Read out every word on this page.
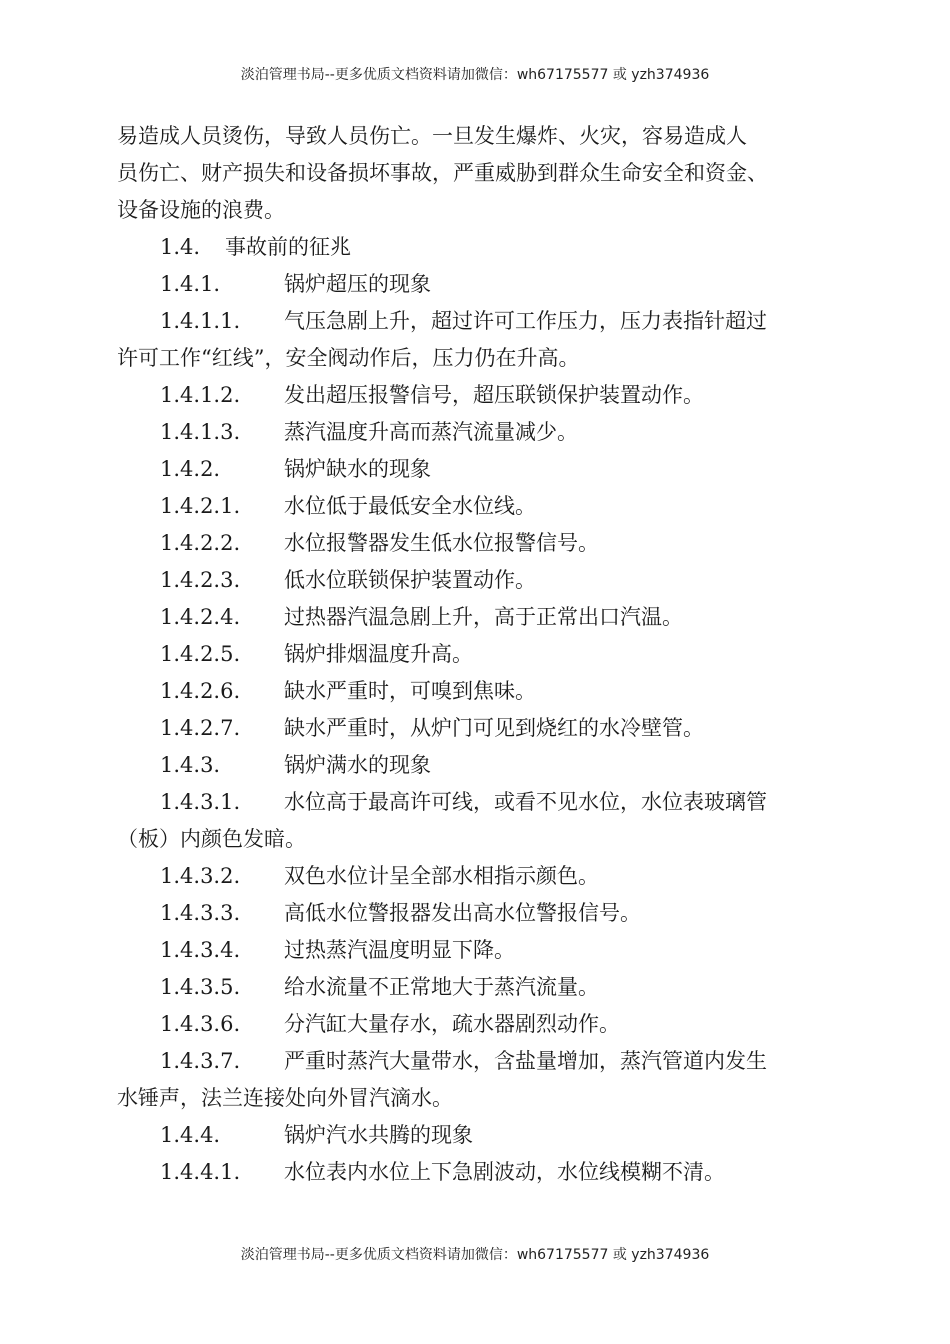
淡泊管理书局--更多优质文档资料请加微信：wh67175577 或 yzh374936
易造成人员烫伤，导致人员伤亡。一旦发生爆炸、火灾，容易造成人
员伤亡、财产损失和设备损坏事故，严重威胁到群众生命安全和资金、
设备设施的浪费。
1.4. 事故前的征兆
1.4.1.	锅炉超压的现象
1.4.1.1. 气压急剧上升，超过许可工作压力，压力表指针超过
许可工作“红线”，安全阀动作后，压力仍在升高。
1.4.1.2. 发出超压报警信号，超压联锁保护装置动作。
1.4.1.3. 蒸汽温度升高而蒸汽流量减少。
1.4.2.	锅炉缺水的现象
1.4.2.1. 水位低于最低安全水位线。
1.4.2.2. 水位报警器发生低水位报警信号。
1.4.2.3. 低水位联锁保护装置动作。
1.4.2.4. 过热器汽温急剧上升，高于正常出口汽温。
1.4.2.5. 锅炉排烟温度升高。
1.4.2.6. 缺水严重时，可嗅到焦味。
1.4.2.7. 缺水严重时，从炉门可见到烧红的水冷壁管。
1.4.3.	锅炉满水的现象
1.4.3.1. 水位高于最高许可线，或看不见水位，水位表玻璃管
（板）内颜色发暗。
1.4.3.2. 双色水位计呈全部水相指示颜色。
1.4.3.3. 高低水位警报器发出高水位警报信号。
1.4.3.4. 过热蒸汽温度明显下降。
1.4.3.5. 给水流量不正常地大于蒸汽流量。
1.4.3.6. 分汽缸大量存水，疏水器剧烈动作。
1.4.3.7. 严重时蒸汽大量带水，含盐量增加，蒸汽管道内发生
水锤声，法兰连接处向外冒汽滴水。
1.4.4.	锅炉汽水共腾的现象
1.4.4.1. 水位表内水位上下急剧波动，水位线模糊不清。
淡泊管理书局--更多优质文档资料请加微信：wh67175577 或 yzh374936
